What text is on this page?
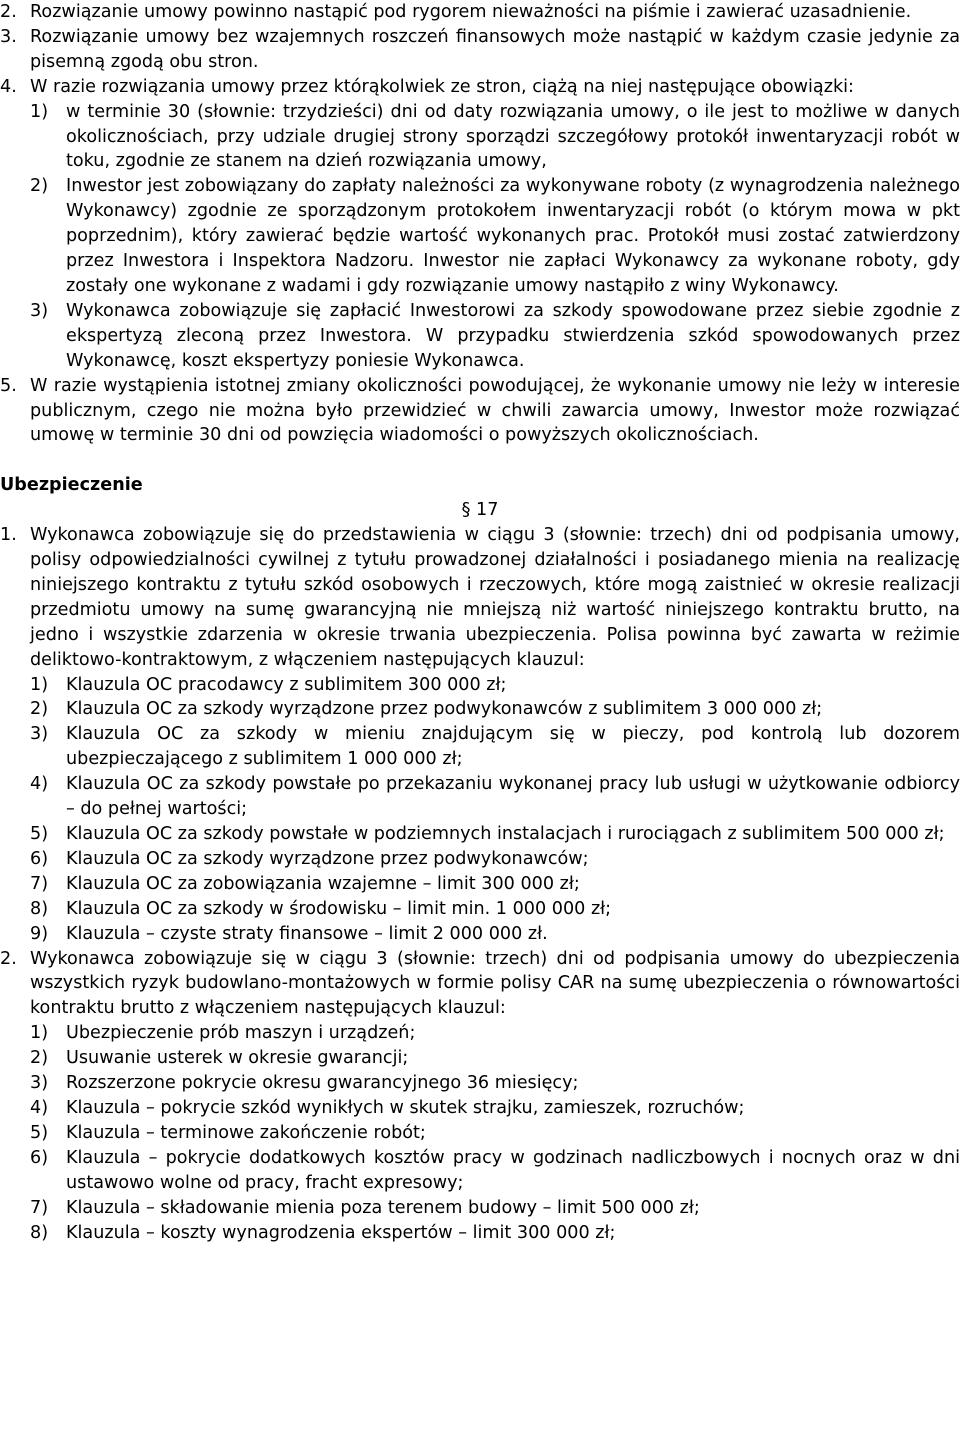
2. Rozwiązanie umowy powinno nastąpić pod rygorem nieważności na piśmie i zawierać uzasadnienie.
3. Rozwiązanie umowy bez wzajemnych roszczeń finansowych może nastąpić w każdym czasie jedynie za pisemną zgodą obu stron.
4. W razie rozwiązania umowy przez którąkolwiek ze stron, ciążą na niej następujące obowiązki:
1) w terminie 30 (słownie: trzydzieści) dni od daty rozwiązania umowy, o ile jest to możliwe w danych okolicznościach, przy udziale drugiej strony sporządzi szczegółowy protokół inwentaryzacji robót w toku, zgodnie ze stanem na dzień rozwiązania umowy,
2) Inwestor jest zobowiązany do zapłaty należności za wykonywane roboty (z wynagrodzenia należnego Wykonawcy) zgodnie ze sporządzonym protokołem inwentaryzacji robót (o którym mowa w pkt poprzednim), który zawierać będzie wartość wykonanych prac. Protokół musi zostać zatwierdzony przez Inwestora i Inspektora Nadzoru. Inwestor nie zapłaci Wykonawcy za wykonane roboty, gdy zostały one wykonane z wadami i gdy rozwiązanie umowy nastąpiło z winy Wykonawcy.
3) Wykonawca zobowiązuje się zapłacić Inwestorowi za szkody spowodowane przez siebie zgodnie z ekspertyzą zleconą przez Inwestora. W przypadku stwierdzenia szkód spowodowanych przez Wykonawcę, koszt ekspertyzy poniesie Wykonawca.
5. W razie wystąpienia istotnej zmiany okoliczności powodującej, że wykonanie umowy nie leży w interesie publicznym, czego nie można było przewidzieć w chwili zawarcia umowy, Inwestor może rozwiązać umowę w terminie 30 dni od powzięcia wiadomości o powyższych okolicznościach.
Ubezpieczenie
§ 17
1. Wykonawca zobowiązuje się do przedstawienia w ciągu 3 (słownie: trzech) dni od podpisania umowy, polisy odpowiedzialności cywilnej z tytułu prowadzonej działalności i posiadanego mienia na realizację niniejszego kontraktu z tytułu szkód osobowych i rzeczowych, które mogą zaistnieć w okresie realizacji przedmiotu umowy na sumę gwarancyjną nie mniejszą niż wartość niniejszego kontraktu brutto, na jedno i wszystkie zdarzenia w okresie trwania ubezpieczenia. Polisa powinna być zawarta w reżimie deliktowo-kontraktowym, z włączeniem następujących klauzul:
1) Klauzula OC pracodawcy z sublimitem 300 000 zł;
2) Klauzula OC za szkody wyrządzone przez podwykonawców z sublimitem 3 000 000 zł;
3) Klauzula OC za szkody w mieniu znajdującym się w pieczy, pod kontrolą lub dozorem ubezpieczającego z sublimitem 1 000 000 zł;
4) Klauzula OC za szkody powstałe po przekazaniu wykonanej pracy lub usługi w użytkowanie odbiorcy – do pełnej wartości;
5) Klauzula OC za szkody powstałe w podziemnych instalacjach i rurociągach z sublimitem 500 000 zł;
6) Klauzula OC za szkody wyrządzone przez podwykonawców;
7) Klauzula OC za zobowiązania wzajemne – limit 300 000 zł;
8) Klauzula OC za szkody w środowisku – limit min. 1 000 000 zł;
9) Klauzula – czyste straty finansowe – limit 2 000 000 zł.
2. Wykonawca zobowiązuje się w ciągu 3 (słownie: trzech) dni od podpisania umowy do ubezpieczenia wszystkich ryzyk budowlano-montażowych w formie polisy CAR na sumę ubezpieczenia o równowartości kontraktu brutto z włączeniem następujących klauzul:
1) Ubezpieczenie prób maszyn i urządzeń;
2) Usuwanie usterek w okresie gwarancji;
3) Rozszerzone pokrycie okresu gwarancyjnego 36 miesięcy;
4) Klauzula – pokrycie szkód wynikłych w skutek strajku, zamieszek, rozruchów;
5) Klauzula – terminowe zakończenie robót;
6) Klauzula – pokrycie dodatkowych kosztów pracy w godzinach nadliczbowych i nocnych oraz w dni ustawowo wolne od pracy, fracht expresowy;
7) Klauzula – składowanie mienia poza terenem budowy – limit 500 000 zł;
8) Klauzula – koszty wynagrodzenia ekspertów – limit 300 000 zł;
